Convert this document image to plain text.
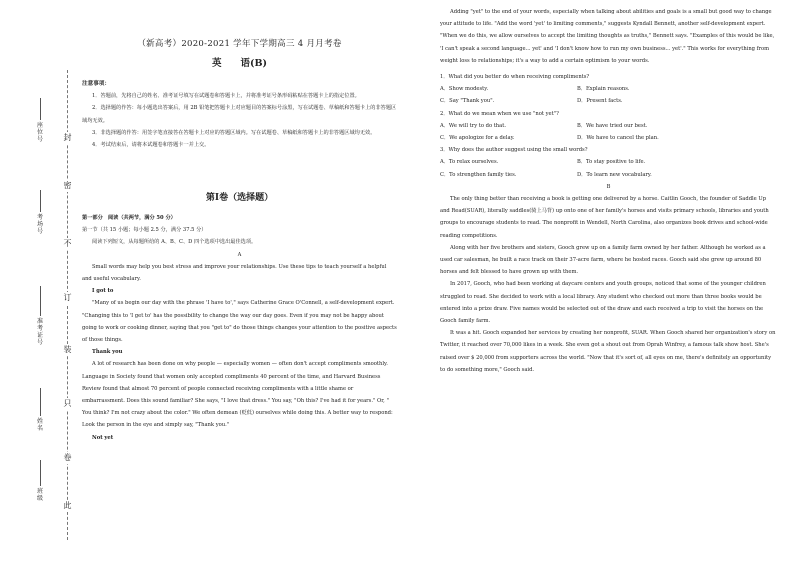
封
密
不
订
装
只
卷
此
座位号
考场号
准考证号
姓名
班级
（新高考）2020-2021 学年下学期高三 4 月月考卷
英　　语(B)
注意事项：

1．答题前，先将自己的姓名、准考证号填写在试题卷和答题卡上，并将准考证号条形码粘贴在答题卡上的指定位置。

2．选择题的作答：每小题选出答案后，用 2B 铅笔把答题卡上对应题目的答案标号涂黑，写在试题卷、草稿纸和答题卡上的非答题区域均无效。

3．非选择题的作答：用签字笔直接答在答题卡上对应的答题区域内。写在试题卷、草稿纸和答题卡上的非答题区域均无效。

4．考试结束后，请将本试题卷和答题卡一并上交。

第Ⅰ卷（选择题）

第一部分　阅读（共两节，满分 50 分）

第一节（共 15 小题；每小题 2.5 分，满分 37.5 分）

阅读下列短文，从每题所给的 A、B、C、D 四个选项中选出最佳选项。

A

Small words may help you best stress and improve your relationships. Use these tips to teach yourself a helpful and useful vocabulary.

I got to

"Many of us begin our day with the phrase 'I have to'," says Catherine Grace O'Connell, a self-development expert. "Changing this to 'I get to' has the possibility to change the way our day goes. Even if you may not be happy about going to work or cooking dinner, saying that you "get to" do those things changes your attention to the positive aspects of those things.

Thank you

A lot of research has been done on why people — especially women — often don't accept compliments smoothly. Language in Society found that women only accepted compliments 40 percent of the time, and Harvard Business Review found that almost 70 percent of people connected receiving compliments with a little shame or embarrassment. Does this sound familiar? She says, "I love that dress." You say, "Oh this? I've had it for years." Or, " You think? I'm not crazy about the color." We often demean (贬低) ourselves while doing this. A better way to respond: Look the person in the eye and simply say, "Thank you."

Not yet

Adding "yet" to the end of your words, especially when talking about abilities and goals is a small but good way to change your attitude to life. "Add the word 'yet' to limiting comments," suggests Kyndall Bennett, another self-development expert. "When we do this, we allow ourselves to accept the limiting thoughts as truths," Bennett says. "Examples of this would be like, 'I can't speak a second language... yet' and 'I don't know how to run my own business... yet'." This works for everything from weight loss to relationships; it's a way to add a certain optimism to your words.

1．What did you better do when receiving compliments?

A．Show modesty.	B．Explain reasons.
C．Say "Thank you".	D．Present facts.

2．What do we mean when we use "not yet"?

A．We will try to do that.	B．We have tried our best.
C．We apologize for a delay.	D．We have to cancel the plan.

3．Why does the author suggest using the small words?

A．To relax ourselves.	B．To stay positive to life.
C．To strengthen family ties.	D．To learn new vocabulary.

B

The only thing better than receiving a book is getting one delivered by a horse. Caitlin Gooch, the founder of Saddle Up and Read(SUAR), literally saddles(骑上马背) up onto one of her family's horses and visits primary schools, libraries and youth groups to encourage students to read. The nonprofit in Wendell, North Carolina, also organizes book drives and school-wide reading competitions.

Along with her five brothers and sisters, Gooch grew up on a family farm owned by her father. Although he worked as a used car salesman, he built a race track on their 37-acre farm, where he hosted races. Gooch said she grew up around 80 horses and felt blessed to have grown up with them.

In 2017, Gooch, who had been working at daycare centers and youth groups, noticed that some of the younger children struggled to read. She decided to work with a local library. Any student who checked out more than three books would be entered into a prize draw. Five names would be selected out of the draw and each received a trip to visit the horses on the Gooch family farm.

It was a hit. Gooch expanded her services by creating her nonprofit, SUAR. When Gooch shared her organization's story on Twitter, it reached over 70,000 likes in a week. She even got a shout out from Oprah Winfrey, a famous talk show host. She's raised over $ 20,000 from supporters across the world. "Now that it's sort of, all eyes on me, there's definitely an opportunity to do something more," Gooch said.
